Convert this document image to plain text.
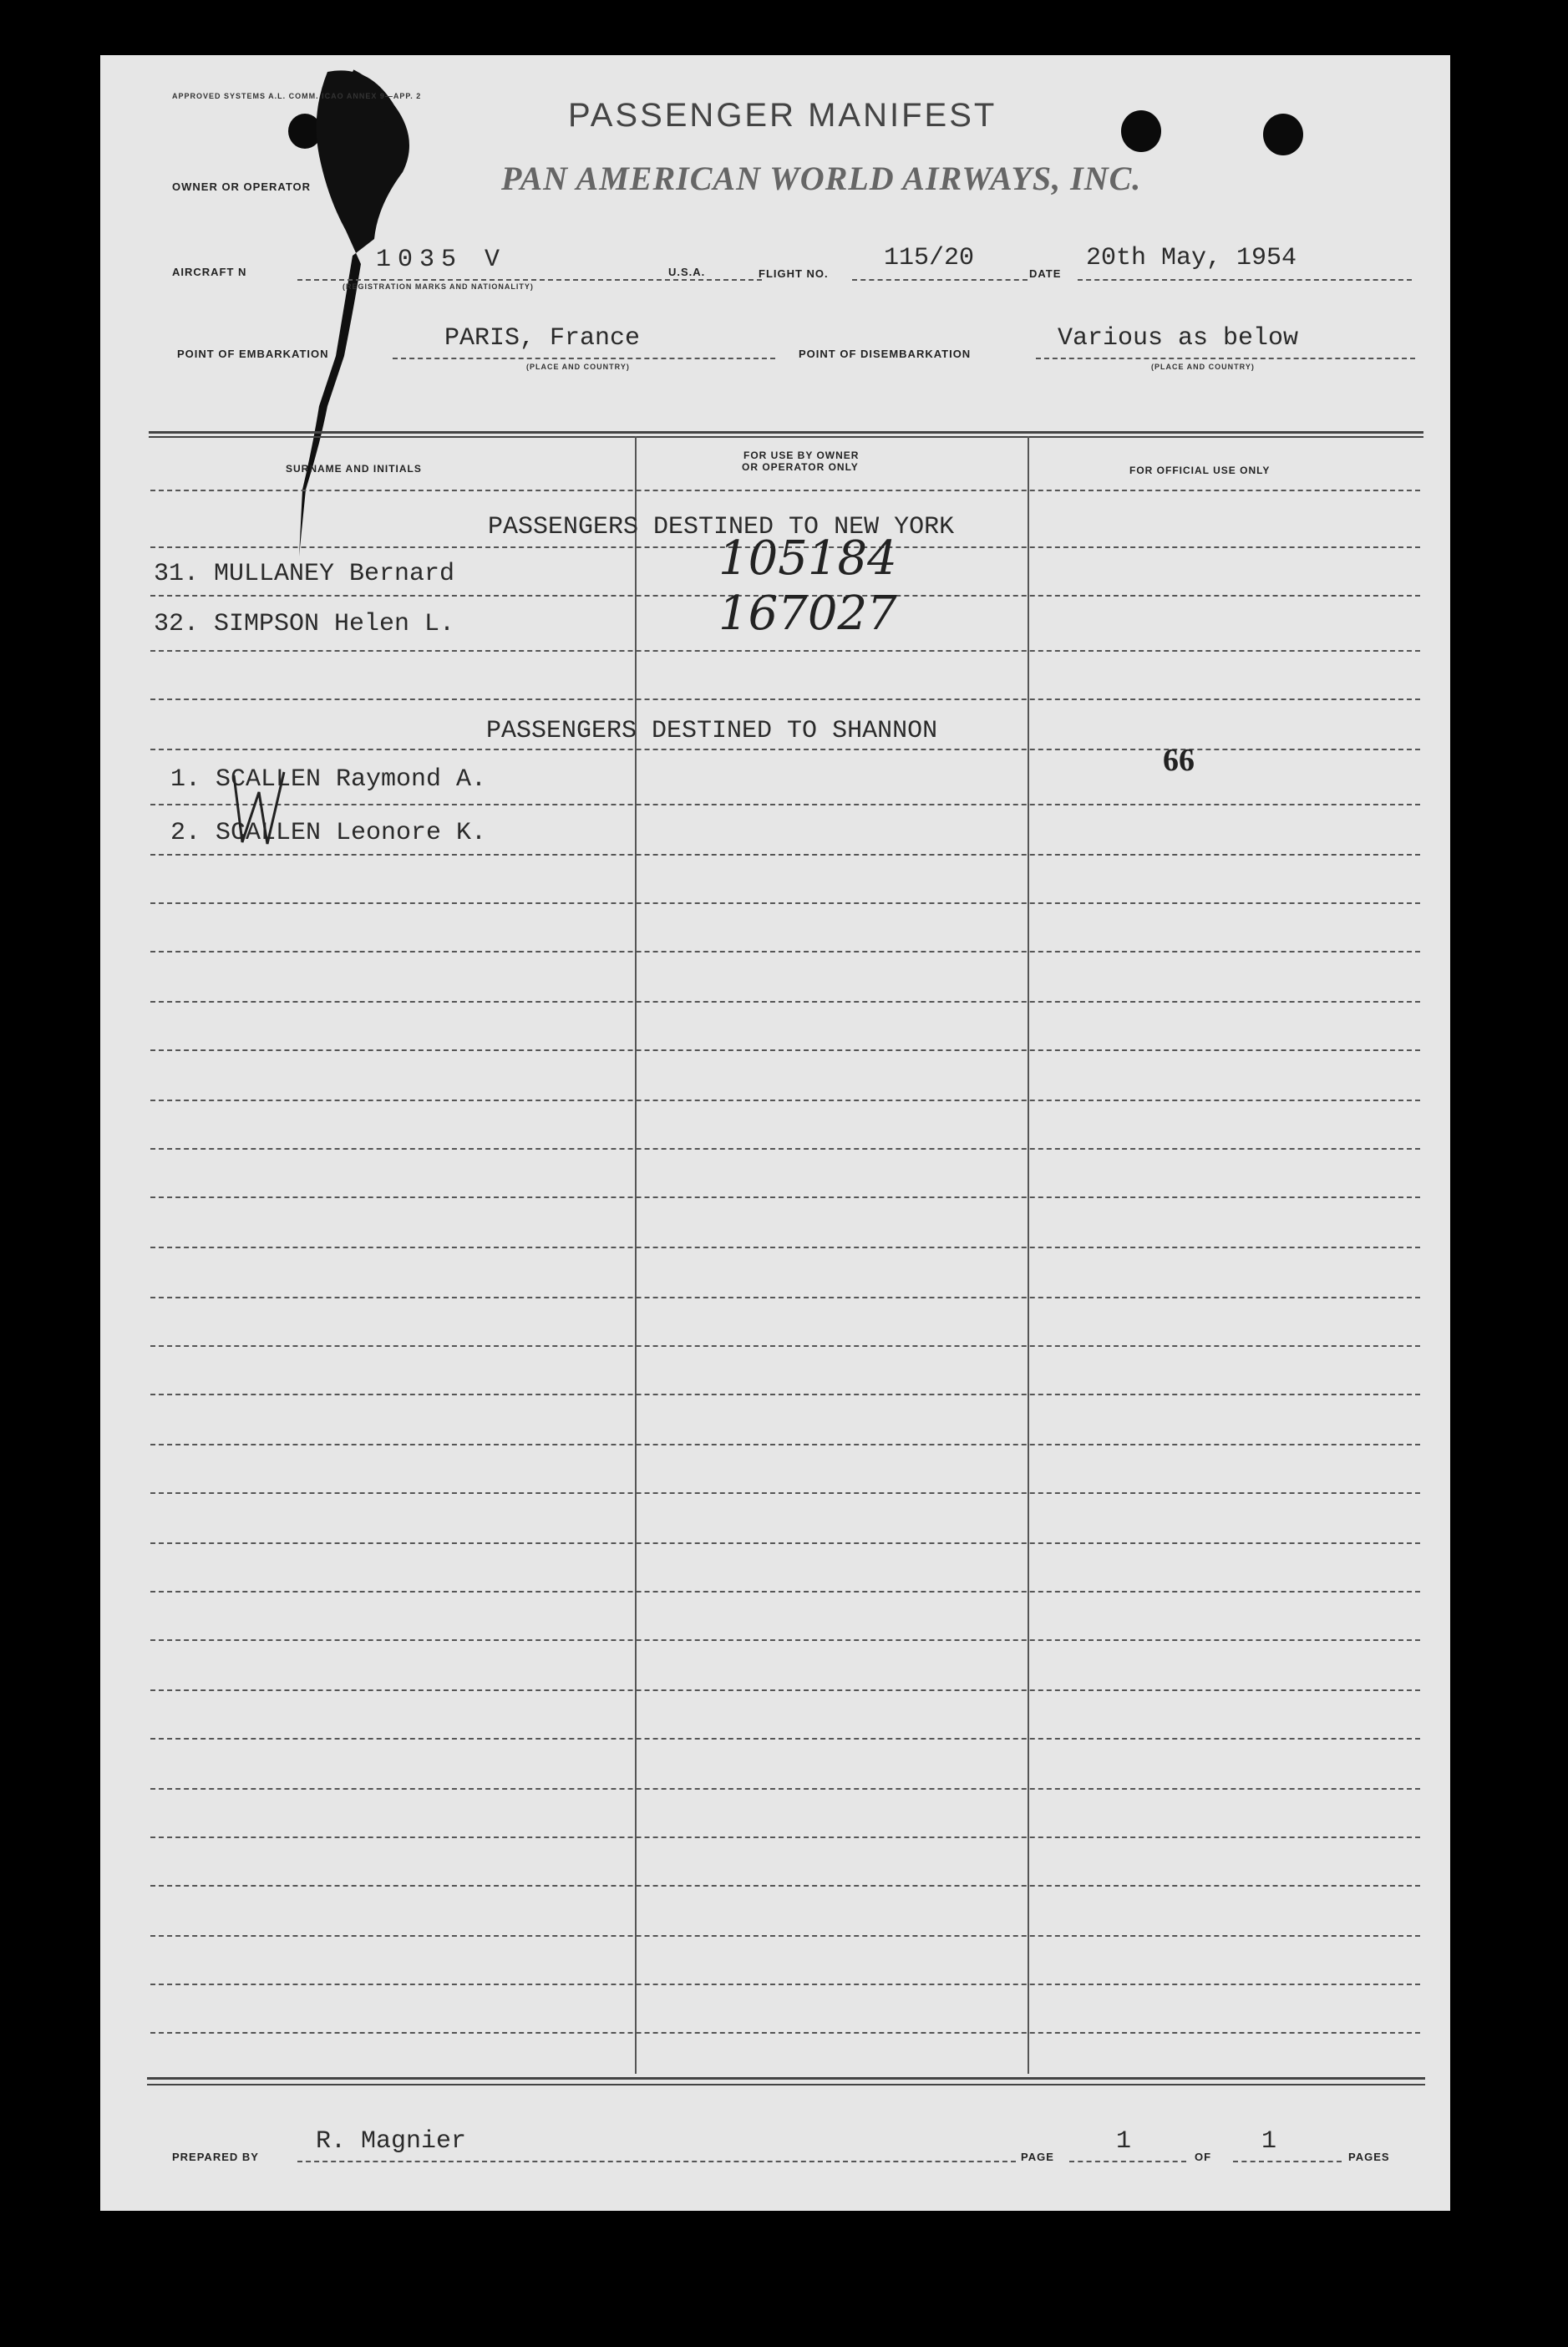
APPROVED SYSTEMS A.L. COMM. ICAO ANNEX 9—APP. 2
PASSENGER MANIFEST
OWNER OR OPERATOR	PAN AMERICAN WORLD AIRWAYS, INC.
AIRCRAFT N	1035 V
(REGISTRATION MARKS AND NATIONALITY)
U.S.A.	FLIGHT NO.
115/20
DATE
20th May, 1954
POINT OF EMBARKATION
PARIS, France
(PLACE AND COUNTRY)
POINT OF DISEMBARKATION
Various as below
(PLACE AND COUNTRY)
SURNAME AND INITIALS
FOR USE BY OWNER
OR OPERATOR ONLY	FOR OFFICIAL USE ONLY
PASSENGERS DESTINED TO NEW YORK
31. MULLANEY Bernard	105184
32. SIMPSON Helen L.	167027
PASSENGERS DESTINED TO SHANNON
66
1. SCALLEN Raymond A.
2. SCALLEN Leonore K.
PREPARED BY
R. Magnier
PAGE
1
OF
1
PAGES
